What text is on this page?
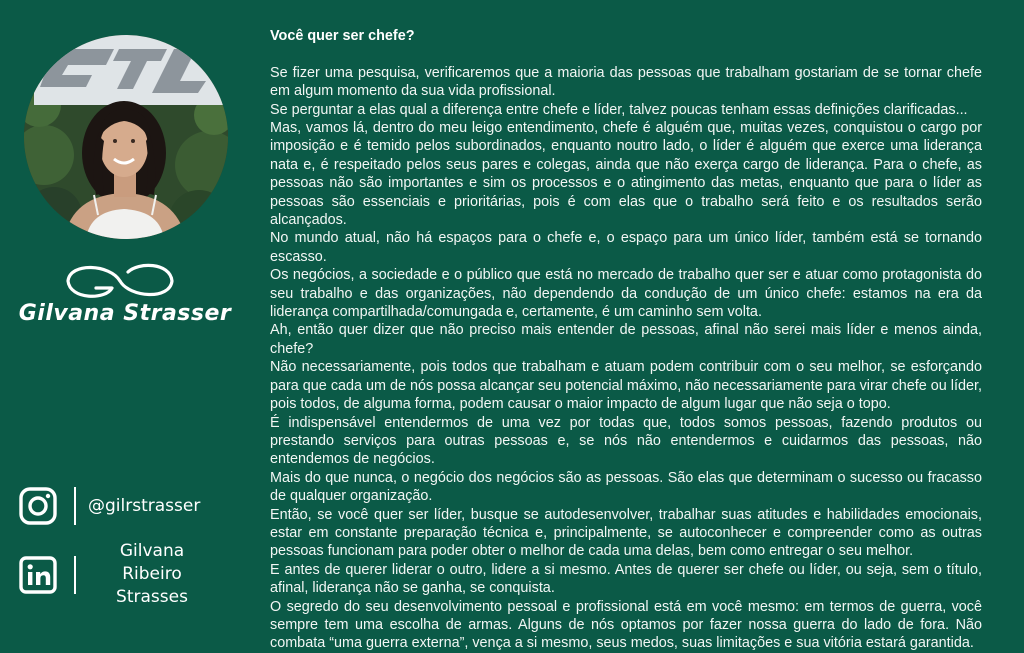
Gilvana Strasser
@gilrstrasser
Gilvana Ribeiro Strasses
Você quer ser chefe?

Se fizer uma pesquisa, verificaremos que a maioria das pessoas que trabalham gostariam de se tornar chefe em algum momento da sua vida profissional.

Se perguntar a elas qual a diferença entre chefe e líder, talvez poucas tenham essas definições clarificadas...

Mas, vamos lá, dentro do meu leigo entendimento, chefe é alguém que, muitas vezes, conquistou o cargo por imposição e é temido pelos subordinados, enquanto noutro lado, o líder é alguém que exerce uma liderança nata e, é respeitado pelos seus pares e colegas, ainda que não exerça cargo de liderança. Para o chefe, as pessoas não são importantes e sim os processos e o atingimento das metas, enquanto que para o líder as pessoas são essenciais e prioritárias, pois é com elas que o trabalho será feito e os resultados serão alcançados.

No mundo atual, não há espaços para o chefe e, o espaço para um único líder, também está se tornando escasso.

Os negócios, a sociedade e o público que está no mercado de trabalho quer ser e atuar como protagonista do seu trabalho e das organizações, não dependendo da condução de um único chefe: estamos na era da liderança compartilhada/comungada e, certamente, é um caminho sem volta.

Ah, então quer dizer que não preciso mais entender de pessoas, afinal não serei mais líder e menos ainda, chefe?

Não necessariamente, pois todos que trabalham e atuam podem contribuir com o seu melhor, se esforçando para que cada um de nós possa alcançar seu potencial máximo, não necessariamente para virar chefe ou líder, pois todos, de alguma forma, podem causar o maior impacto de algum lugar que não seja o topo.

É indispensável entendermos de uma vez por todas que, todos somos pessoas, fazendo produtos ou prestando serviços para outras pessoas e, se nós não entendermos e cuidarmos das pessoas, não entendemos de negócios.

Mais do que nunca, o negócio dos negócios são as pessoas. São elas que determinam o sucesso ou fracasso de qualquer organização.

Então, se você quer ser líder, busque se autodesenvolver, trabalhar suas atitudes e habilidades emocionais, estar em constante preparação técnica e, principalmente, se autoconhecer e compreender como as outras pessoas funcionam para poder obter o melhor de cada uma delas, bem como entregar o seu melhor.

E antes de querer liderar o outro, lidere a si mesmo. Antes de querer ser chefe ou líder, ou seja, sem o título, afinal, liderança não se ganha, se conquista.

O segredo do seu desenvolvimento pessoal e profissional está em você mesmo: em termos de guerra, você sempre tem uma escolha de armas. Alguns de nós optamos por fazer nossa guerra do lado de fora. Não combata “uma guerra externa”, vença a si mesmo, seus medos, suas limitações e sua vitória estará garantida.
